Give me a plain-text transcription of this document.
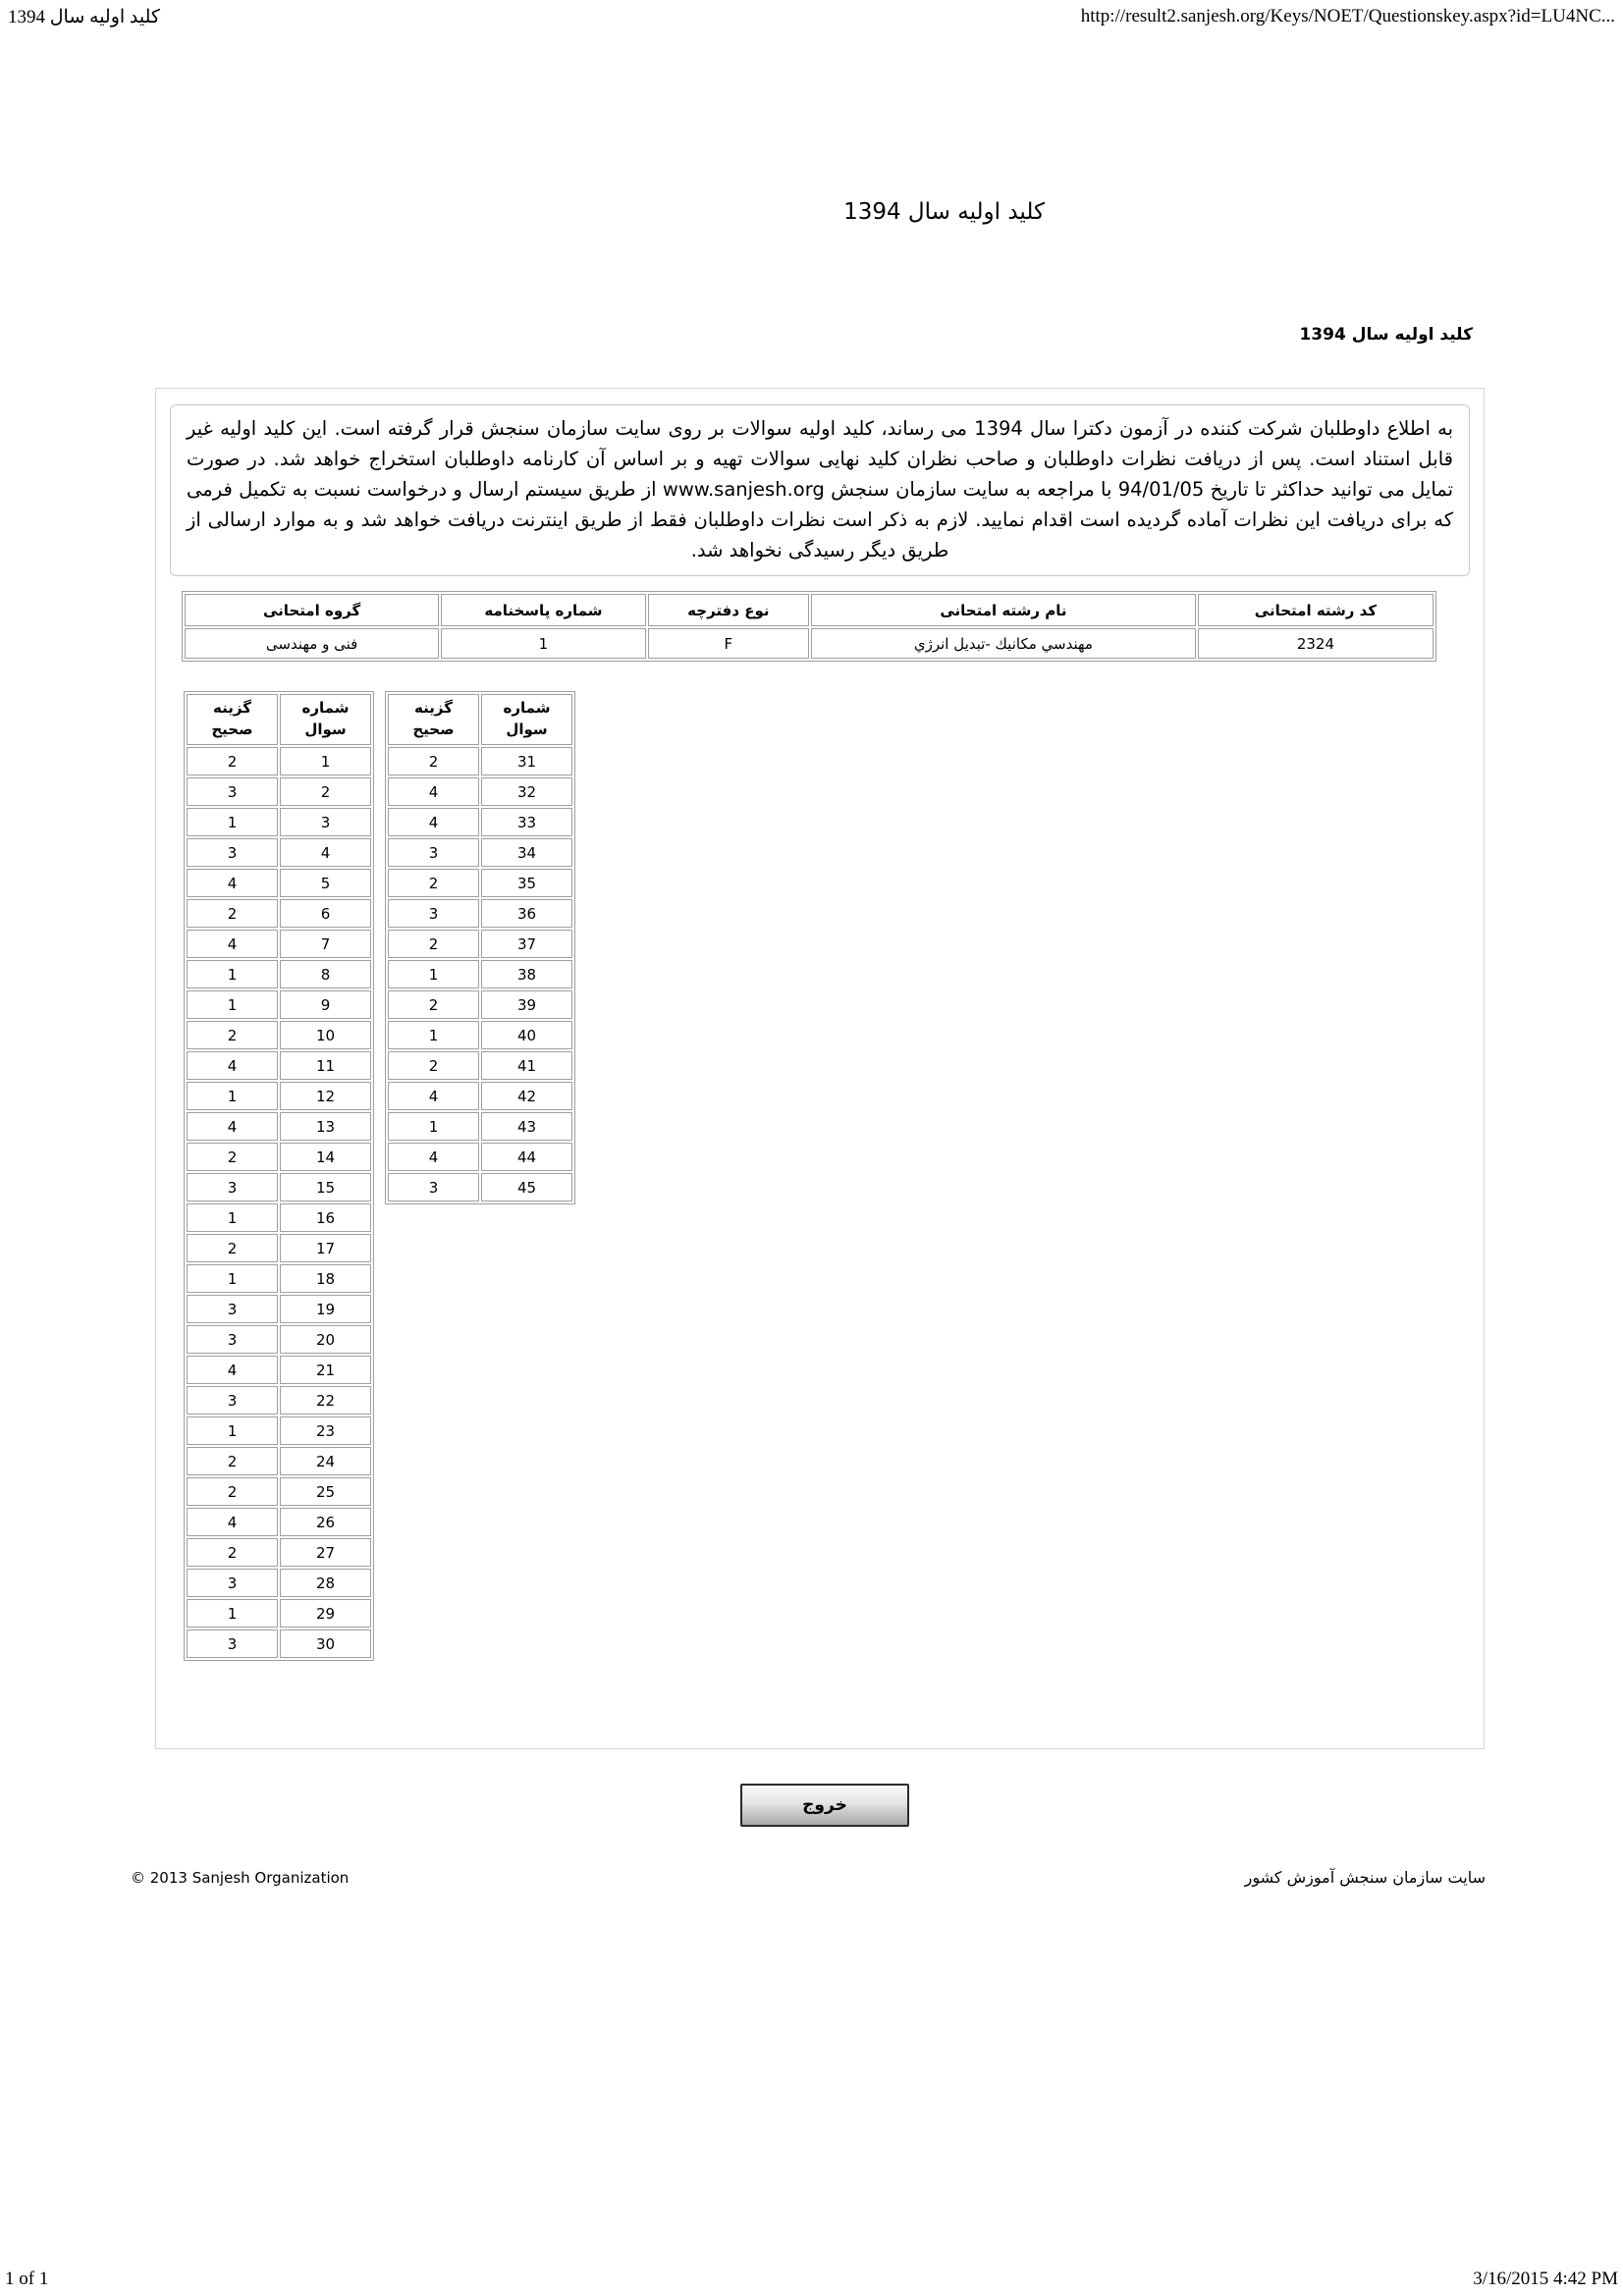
کلید اولیه سال 1394	http://result2.sanjesh.org/Keys/NOET/Questionskey.aspx?id=LU4NC...
کلید اولیه سال 1394
کلید اولیه سال 1394
به اطلاع داوطلبان شرکت کننده در آزمون دکترا سال 1394 می رساند، کلید اولیه سوالات بر روی سایت سازمان سنجش قرار گرفته است. این کلید اولیه غیر قابل استناد است. پس از دریافت نظرات داوطلبان و صاحب نظران کلید نهایی سوالات تهیه و بر اساس آن کارنامه داوطلبان استخراج خواهد شد. در صورت تمایل می توانید حداکثر تا تاریخ 94/01/05 با مراجعه به سایت سازمان سنجش www.sanjesh.org از طریق سیستم ارسال و درخواست نسبت به تکمیل فرمی که برای دریافت این نظرات آماده گردیده است اقدام نمایید. لازم به ذکر است نظرات داوطلبان فقط از طریق اینترنت دریافت خواهد شد و به موارد ارسالی از طریق دیگر رسیدگی نخواهد شد.
کد رشته امتحانی	نام رشته امتحانی	نوع دفترچه	شماره پاسخنامه	گروه امتحانی
2324	مهندسي مكانيك -تبديل انرژي	F	1	فنی و مهندسی
شماره سوال	گزینه صحیح
1	2
2	3
3	1
4	3
5	4
6	2
7	4
8	1
9	1
10	2
11	4
12	1
13	4
14	2
15	3
16	1
17	2
18	1
19	3
20	3
21	4
22	3
23	1
24	2
25	2
26	4
27	2
28	3
29	1
30	3
شماره سوال	گزینه صحیح
31	2
32	4
33	4
34	3
35	2
36	3
37	2
38	1
39	2
40	1
41	2
42	4
43	1
44	4
45	3
خروج
© 2013 Sanjesh Organization	سایت سازمان سنجش آموزش کشور
1 of 1	3/16/2015 4:42 PM
